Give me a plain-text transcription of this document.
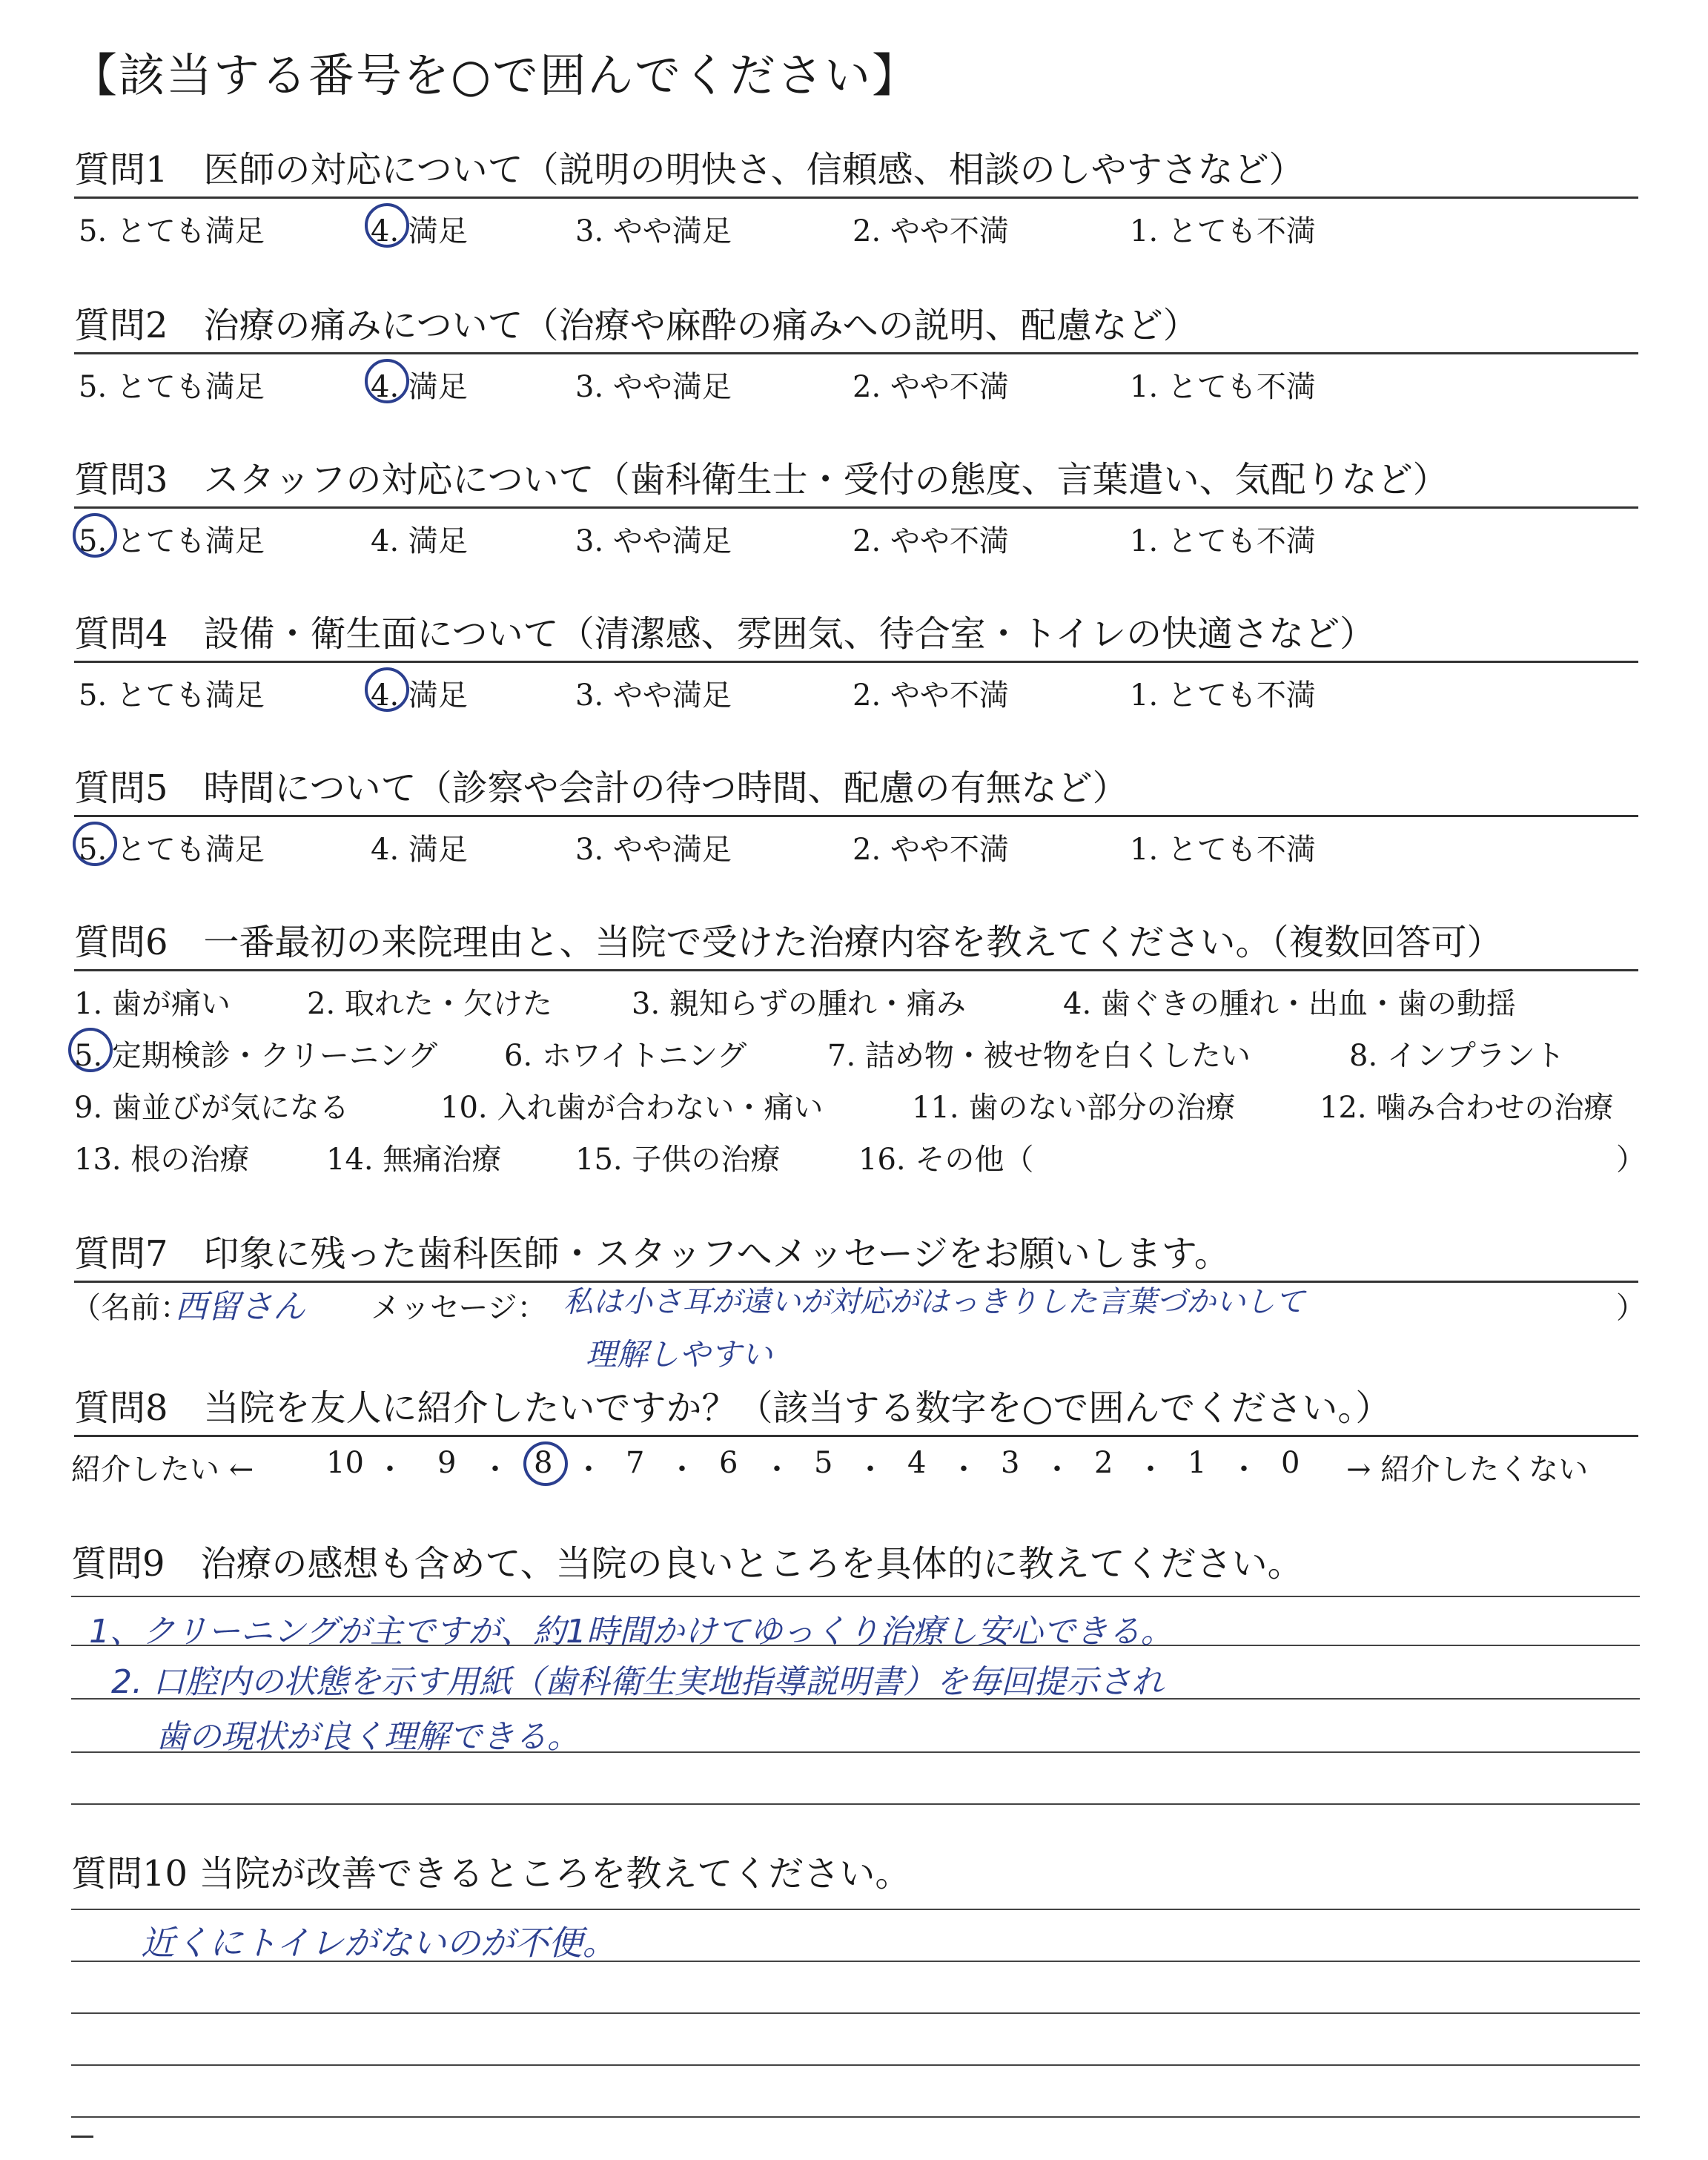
【該当する番号を○で囲んでください】
質問1　医師の対応について（説明の明快さ、信頼感、相談のしやすさなど）
5. とても満足	4. 満足	3. やや満足	2. やや不満	1. とても不満
質問2　治療の痛みについて（治療や麻酔の痛みへの説明、配慮など）
5. とても満足	4. 満足	3. やや満足	2. やや不満	1. とても不満
質問3　スタッフの対応について（歯科衛生士・受付の態度、言葉遣い、気配りなど）
5. とても満足	4. 満足	3. やや満足	2. やや不満	1. とても不満
質問4　設備・衛生面について（清潔感、雰囲気、待合室・トイレの快適さなど）
5. とても満足	4. 満足	3. やや満足	2. やや不満	1. とても不満
質問5　時間について（診察や会計の待つ時間、配慮の有無など）
5. とても満足	4. 満足	3. やや満足	2. やや不満	1. とても不満
質問6　一番最初の来院理由と、当院で受けた治療内容を教えてください。（複数回答可）
1. 歯が痛い	2. 取れた・欠けた	3. 親知らずの腫れ・痛み	4. 歯ぐきの腫れ・出血・歯の動揺
5. 定期検診・クリーニング 6. ホワイトニング	7. 詰め物・被せ物を白くしたい	8. インプラント
9. 歯並びが気になる	10. 入れ歯が合わない・痛い	11. 歯のない部分の治療	12. 噛み合わせの治療
13. 根の治療	14. 無痛治療 15. 子供の治療	16. その他（	）
質問7　印象に残った歯科医師・スタッフへメッセージをお願いします。
（名前：
西留さん メッセージ： 私は小さ耳が遠いが対応がはっきりした言葉づかいして
理解しやすい
）
質問8　当院を友人に紹介したいですか？（該当する数字を○で囲んでください。）
紹介したい ← 10 ・ 9 ・ 8 ・ 7 ・ 6 ・ 5 ・ 4 ・ 3 ・ 2 ・ 1 ・ 0 → 紹介したくない
質問9　治療の感想も含めて、当院の良いところを具体的に教えてください。
1、クリーニングが主ですが、約1時間かけてゆっくり治療し安心できる。
2. 口腔内の状態を示す用紙（歯科衛生実地指導説明書）を毎回提示され
歯の現状が良く理解できる。
質問10 当院が改善できるところを教えてください。
近くにトイレがないのが不便。
